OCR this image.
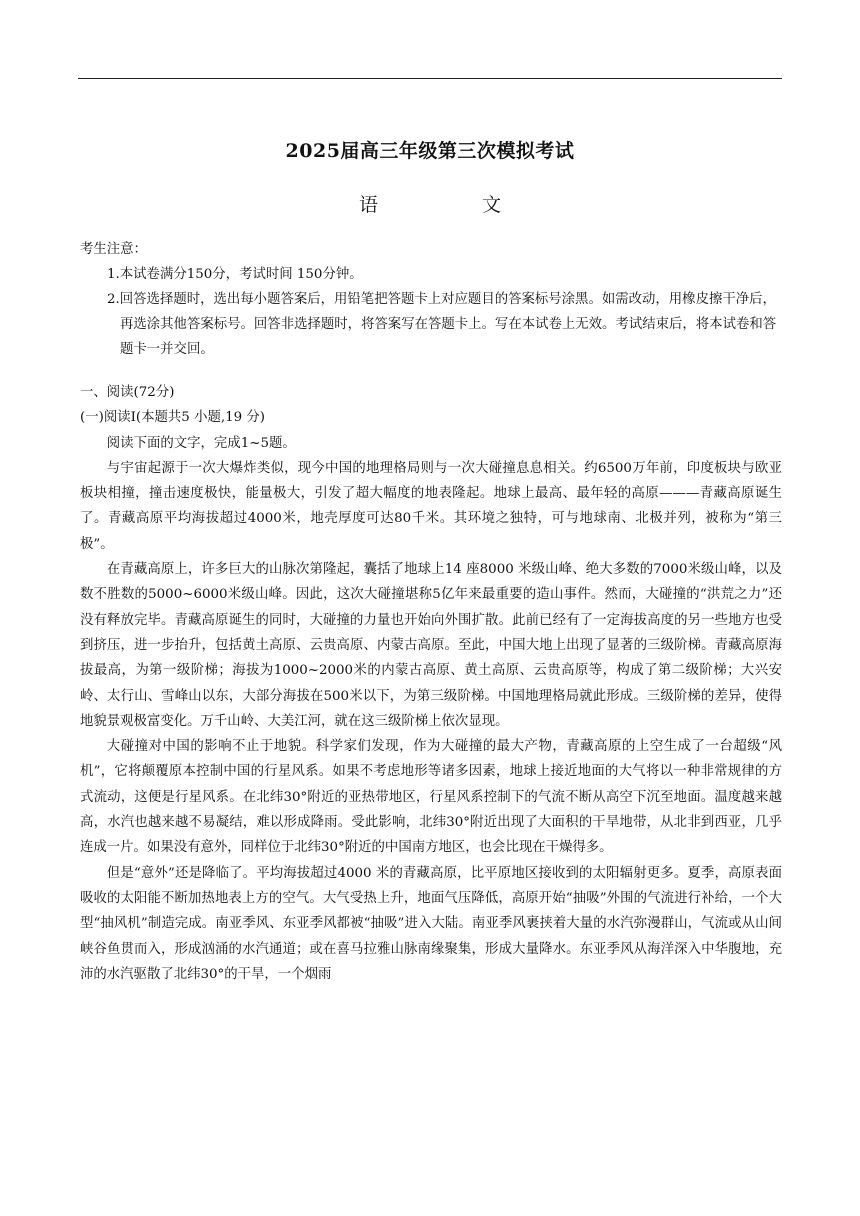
2025届高三年级第三次模拟考试
语	文
考生注意：
1.本试卷满分150分，考试时间 150分钟。
2.回答选择题时，选出每小题答案后，用铅笔把答题卡上对应题目的答案标号涂黑。如需改动，用橡皮擦干净后，再选涂其他答案标号。回答非选择题时，将答案写在答题卡上。写在本试卷上无效。考试结束后，将本试卷和答题卡一并交回。

一、阅读(72分)

(一)阅读Ⅰ(本题共5 小题,19 分)

阅读下面的文字，完成1~5题。

与宇宙起源于一次大爆炸类似，现今中国的地理格局则与一次大碰撞息息相关。约6500万年前，印度板块与欧亚板块相撞，撞击速度极快，能量极大，引发了超大幅度的地表隆起。地球上最高、最年轻的高原———青藏高原诞生了。青藏高原平均海拔超过4000米，地壳厚度可达80千米。其环境之独特，可与地球南、北极并列，被称为“第三极”。

在青藏高原上，许多巨大的山脉次第隆起，囊括了地球上14 座8000 米级山峰、绝大多数的7000米级山峰，以及数不胜数的5000~6000米级山峰。因此，这次大碰撞堪称5亿年来最重要的造山事件。然而，大碰撞的“洪荒之力”还没有释放完毕。青藏高原诞生的同时，大碰撞的力量也开始向外围扩散。此前已经有了一定海拔高度的另一些地方也受到挤压，进一步抬升，包括黄土高原、云贵高原、内蒙古高原。至此，中国大地上出现了显著的三级阶梯。青藏高原海拔最高，为第一级阶梯；海拔为1000~2000米的内蒙古高原、黄土高原、云贵高原等，构成了第二级阶梯；大兴安岭、太行山、雪峰山以东，大部分海拔在500米以下，为第三级阶梯。中国地理格局就此形成。三级阶梯的差异，使得地貌景观极富变化。万千山岭、大美江河，就在这三级阶梯上依次显现。

大碰撞对中国的影响不止于地貌。科学家们发现，作为大碰撞的最大产物，青藏高原的上空生成了一台超级“风机”，它将颠覆原本控制中国的行星风系。如果不考虑地形等诸多因素，地球上接近地面的大气将以一种非常规律的方式流动，这便是行星风系。在北纬30°附近的亚热带地区，行星风系控制下的气流不断从高空下沉至地面。温度越来越高，水汽也越来越不易凝结，难以形成降雨。受此影响，北纬30°附近出现了大面积的干旱地带，从北非到西亚，几乎连成一片。如果没有意外，同样位于北纬30°附近的中国南方地区，也会比现在干燥得多。

但是“意外”还是降临了。平均海拔超过4000 米的青藏高原，比平原地区接收到的太阳辐射更多。夏季，高原表面吸收的太阳能不断加热地表上方的空气。大气受热上升，地面气压降低，高原开始“抽吸”外围的气流进行补给，一个大型“抽风机”制造完成。南亚季风、东亚季风都被“抽吸”进入大陆。南亚季风裹挟着大量的水汽弥漫群山，气流或从山间峡谷鱼贯而入，形成汹涌的水汽通道；或在喜马拉雅山脉南缘聚集，形成大量降水。东亚季风从海洋深入中华腹地，充沛的水汽驱散了北纬30°的干旱，一个烟雨
